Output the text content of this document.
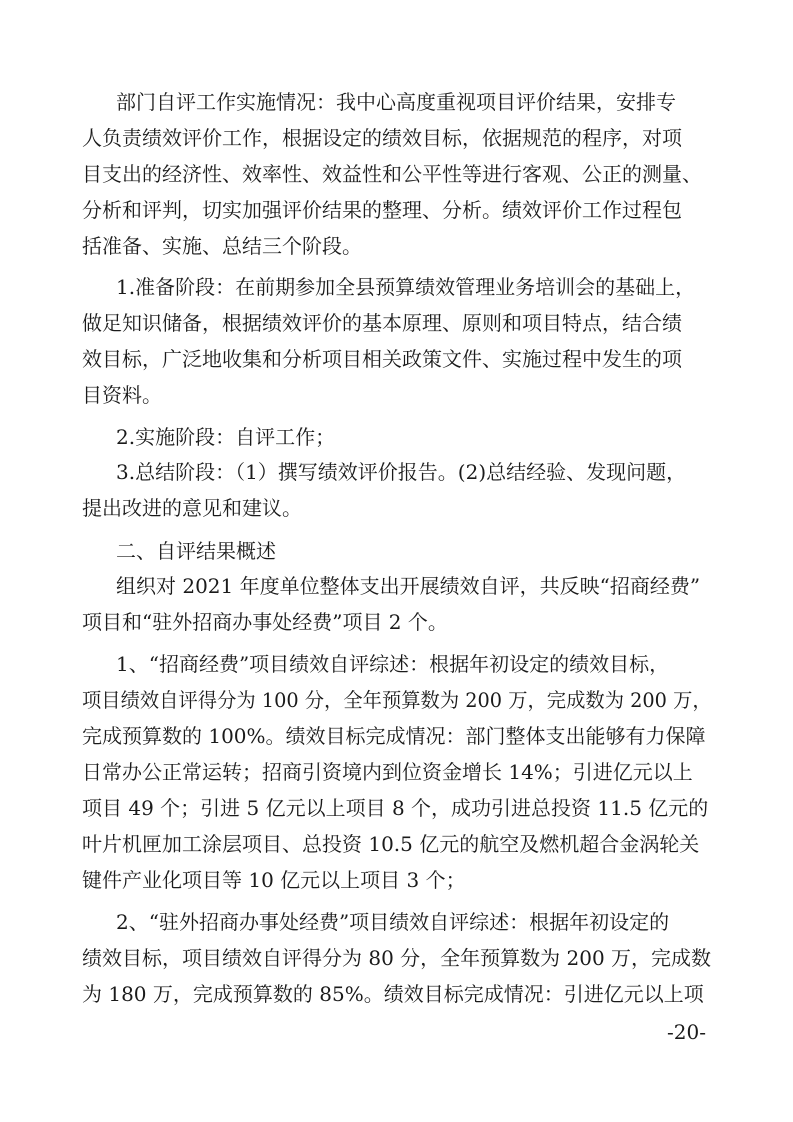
部门自评工作实施情况：我中心高度重视项目评价结果，安排专
人负责绩效评价工作，根据设定的绩效目标，依据规范的程序，对项
目支出的经济性、效率性、效益性和公平性等进行客观、公正的测量、
分析和评判，切实加强评价结果的整理、分析。绩效评价工作过程包
括准备、实施、总结三个阶段。
1.准备阶段：在前期参加全县预算绩效管理业务培训会的基础上，
做足知识储备，根据绩效评价的基本原理、原则和项目特点，结合绩
效目标，广泛地收集和分析项目相关政策文件、实施过程中发生的项
目资料。
2.实施阶段：自评工作；
3.总结阶段：（1）撰写绩效评价报告。(2)总结经验、发现问题，
提出改进的意见和建议。
二、自评结果概述
组织对 2021 年度单位整体支出开展绩效自评，共反映“招商经费”
项目和“驻外招商办事处经费”项目 2 个。
1、“招商经费”项目绩效自评综述：根据年初设定的绩效目标，
项目绩效自评得分为 100 分，全年预算数为 200 万，完成数为 200 万，
完成预算数的 100%。绩效目标完成情况：部门整体支出能够有力保障
日常办公正常运转；招商引资境内到位资金增长 14%；引进亿元以上
项目 49 个；引进 5 亿元以上项目 8 个，成功引进总投资 11.5 亿元的
叶片机匣加工涂层项目、总投资 10.5 亿元的航空及燃机超合金涡轮关
键件产业化项目等 10 亿元以上项目 3 个；
2、“驻外招商办事处经费”项目绩效自评综述：根据年初设定的
绩效目标，项目绩效自评得分为 80 分，全年预算数为 200 万，完成数
为 180 万，完成预算数的 85%。绩效目标完成情况：引进亿元以上项
-20-
